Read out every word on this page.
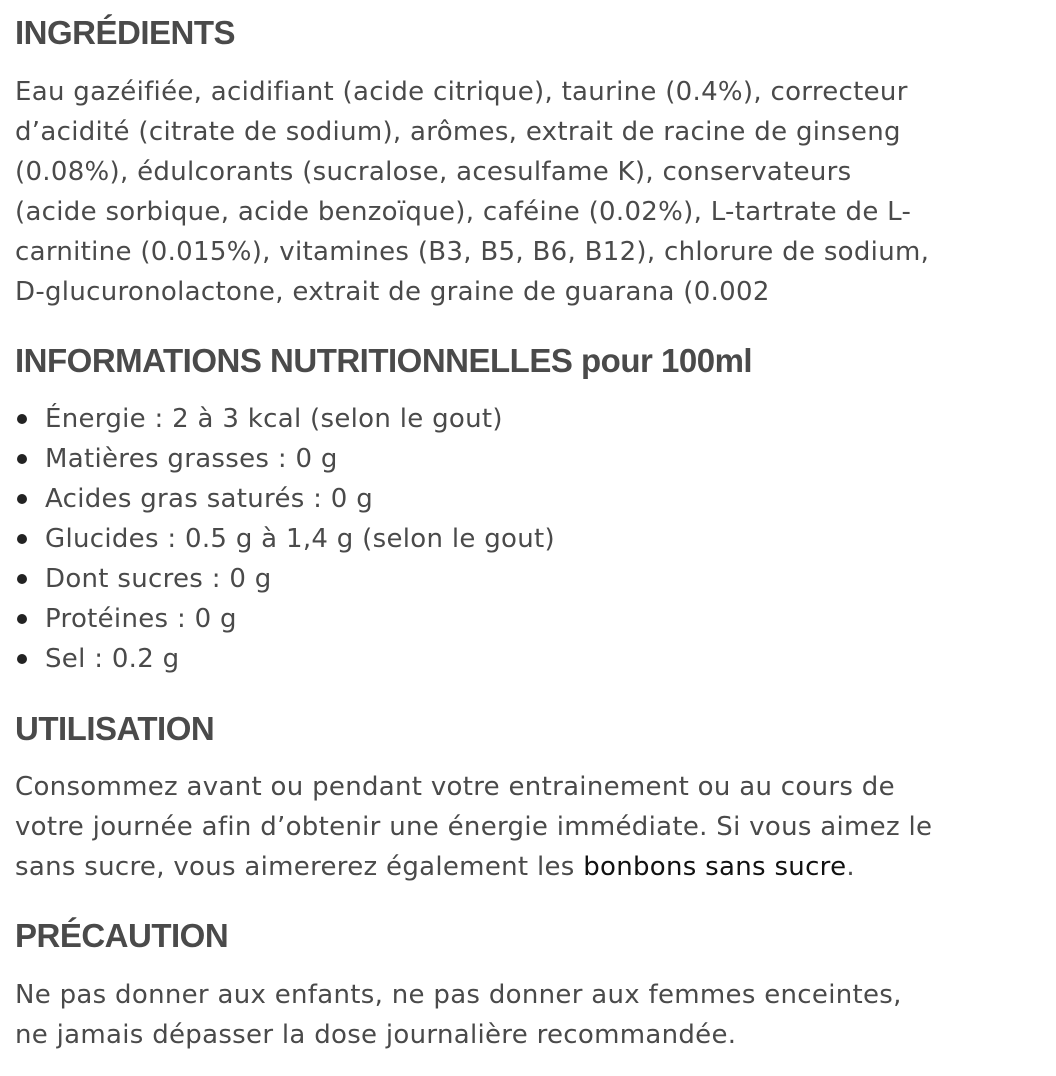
INGRÉDIENTS

Eau gazéifiée, acidifiant (acide citrique), taurine (0.4%), correcteur
d’acidité (citrate de sodium), arômes, extrait de racine de ginseng
(0.08%), édulcorants (sucralose, acesulfame K), conservateurs
(acide sorbique, acide benzoïque), caféine (0.02%), L-tartrate de L-
carnitine (0.015%), vitamines (B3, B5, B6, B12), chlorure de sodium,
D-glucuronolactone, extrait de graine de guarana (0.002

INFORMATIONS NUTRITIONNELLES pour 100ml
Énergie : 2 à 3 kcal (selon le gout)
Matières grasses : 0 g
Acides gras saturés : 0 g
Glucides : 0.5 g à 1,4 g (selon le gout)
Dont sucres : 0 g
Protéines : 0 g
Sel : 0.2 g
UTILISATION

Consommez avant ou pendant votre entrainement ou au cours de
votre journée afin d’obtenir une énergie immédiate. Si vous aimez le
sans sucre, vous aimererez également les bonbons sans sucre.

PRÉCAUTION

Ne pas donner aux enfants, ne pas donner aux femmes enceintes,
ne jamais dépasser la dose journalière recommandée.
